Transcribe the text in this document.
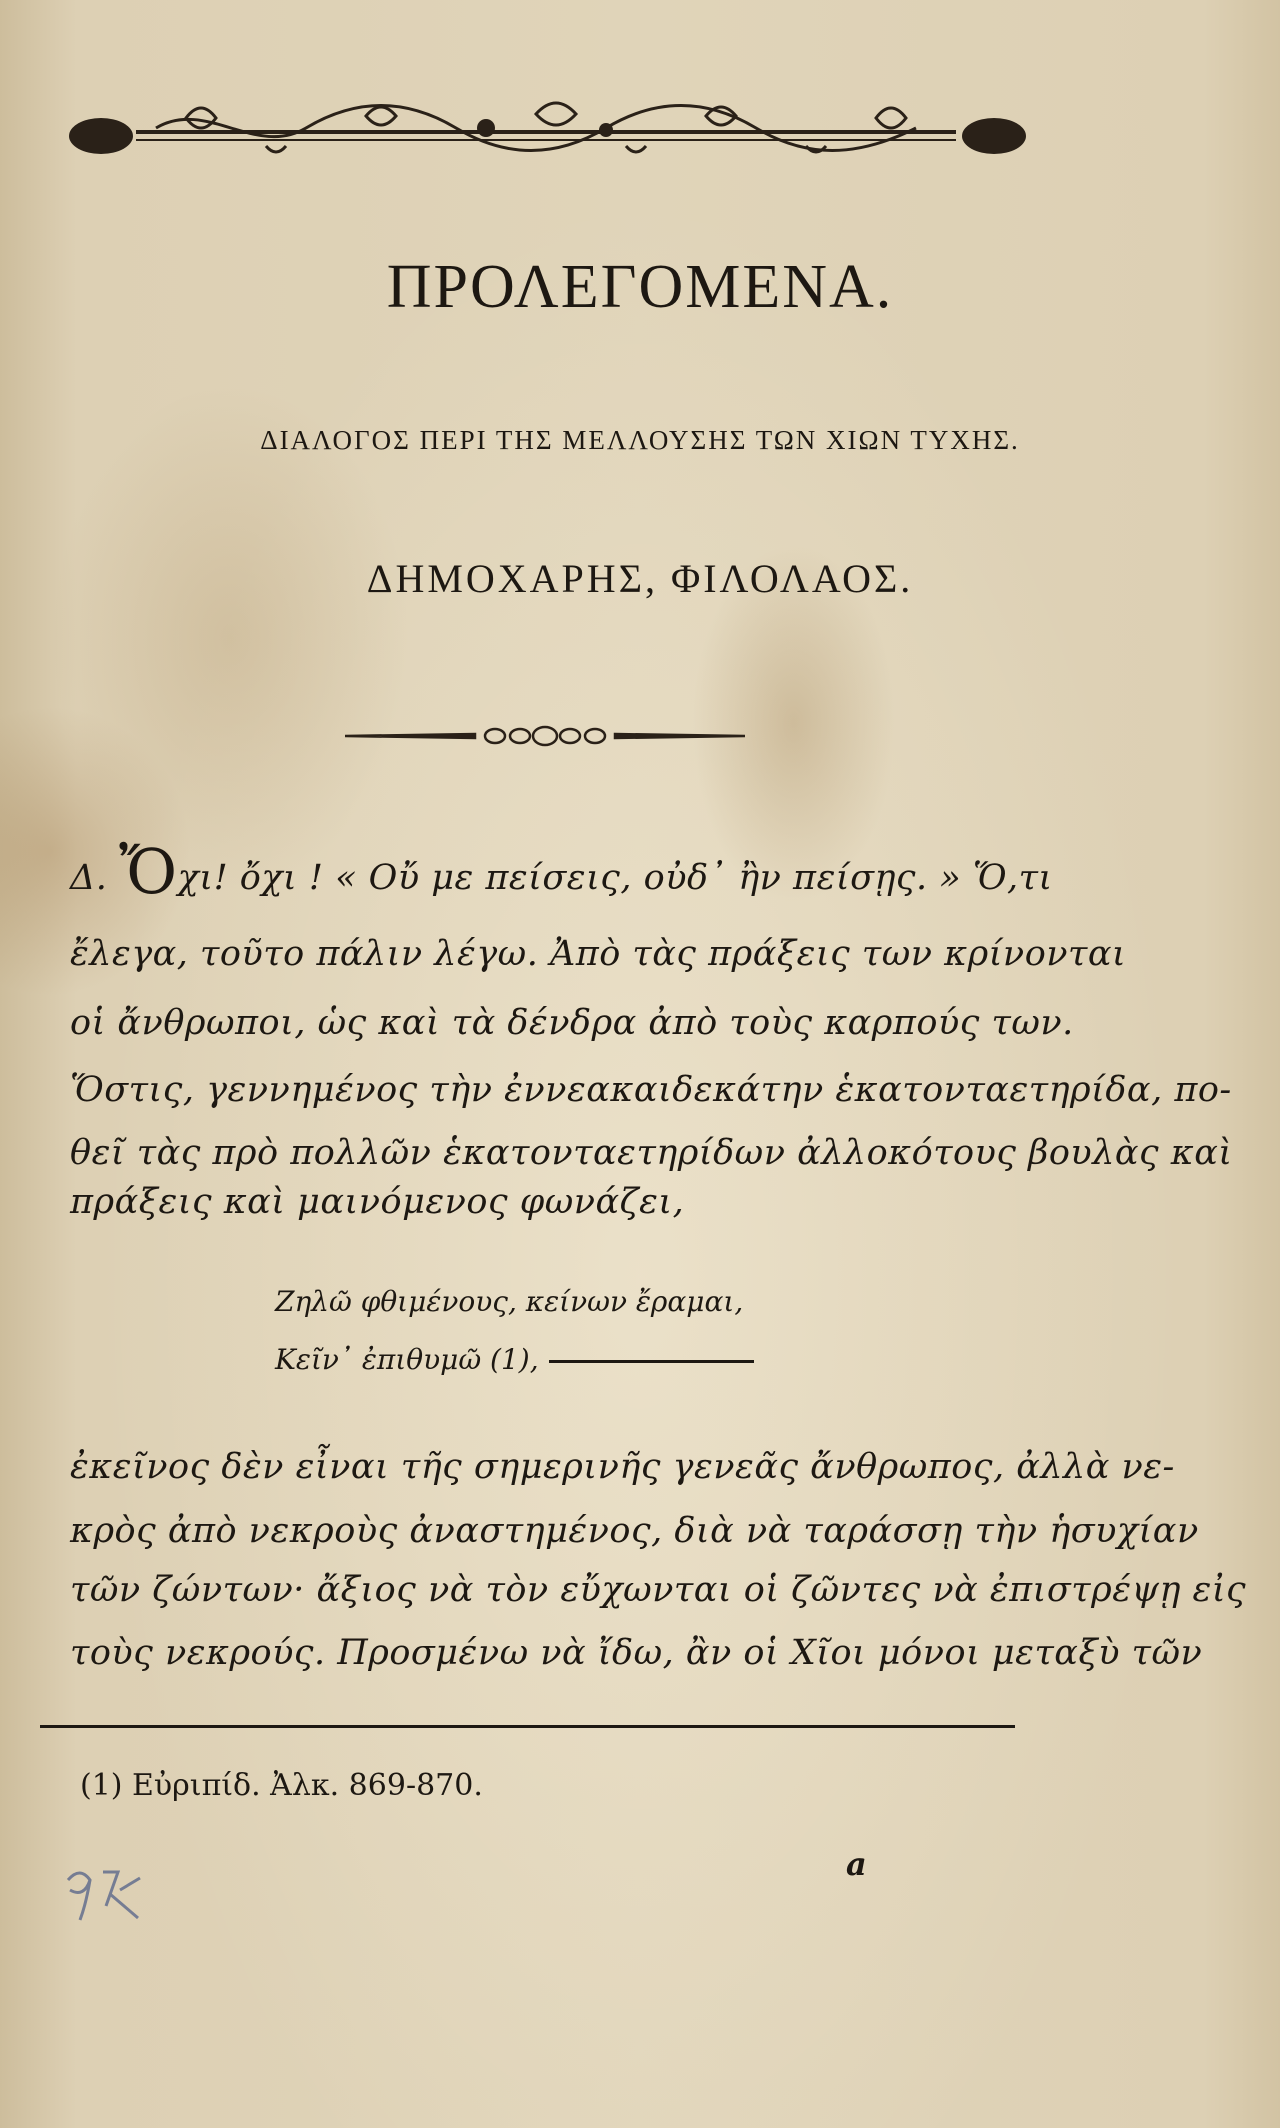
ΠΡΟΛΕΓΟΜΕΝΑ.
ΔΙΑΛΟΓΟΣ ΠΕΡΙ ΤΗΣ ΜΕΛΛΟΥΣΗΣ ΤΩΝ ΧΙΩΝ ΤΥΧΗΣ.
ΔΗΜΟΧΑΡΗΣ, ΦΙΛΟΛΑΟΣ.
Δ. Ὄχι! ὄχι ! « Οὔ με πείσεις, οὐδ᾽ ἢν πείσῃς. » Ὅ,τι
ἔλεγα, τοῦτο πάλιν λέγω. Ἀπὸ τὰς πράξεις των κρίνονται
οἱ ἄνθρωποι, ὡς καὶ τὰ δένδρα ἀπὸ τοὺς καρπούς των.
Ὅστις, γεννημένος τὴν ἐννεακαιδεκάτην ἑκατονταετηρίδα, πο-
θεῖ τὰς πρὸ πολλῶν ἑκατονταετηρίδων ἀλλοκότους βουλὰς καὶ
πράξεις καὶ μαινόμενος φωνάζει,
Ζηλῶ φθιμένους, κείνων ἔραμαι,
Κεῖν᾽ ἐπιθυμῶ (1),
ἐκεῖνος δὲν εἶναι τῆς σημερινῆς γενεᾶς ἄνθρωπος, ἀλλὰ νε-
κρὸς ἀπὸ νεκροὺς ἀναστημένος, διὰ νὰ ταράσσῃ τὴν ἡσυχίαν
τῶν ζώντων· ἄξιος νὰ τὸν εὔχωνται οἱ ζῶντες νὰ ἐπιστρέψῃ εἰς
τοὺς νεκρούς. Προσμένω νὰ ἴδω, ἂν οἱ Χῖοι μόνοι μεταξὺ τῶν
(1) Εὐριπίδ. Ἀλκ. 869-870.
a
